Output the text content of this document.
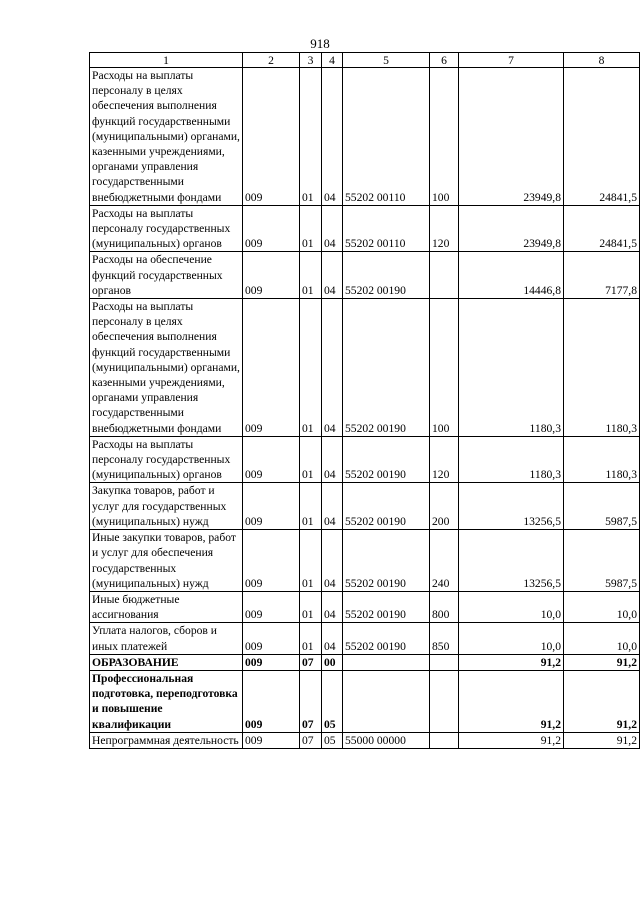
918
1	2	3	4	5	6	7	8
Расходы на выплаты персоналу в целях обеспечения выполнения функций государственными (муниципальными) органами, казенными учреждениями, органами управления государственными внебюджетными фондами	009	01	04	55202 00110	100	23949,8	24841,5
Расходы на выплаты персоналу государственных (муниципальных) органов	009	01	04	55202 00110	120	23949,8	24841,5
Расходы на обеспечение функций государственных органов	009	01	04	55202 00190		14446,8	7177,8
Расходы на выплаты персоналу в целях обеспечения выполнения функций государственными (муниципальными) органами, казенными учреждениями, органами управления государственными внебюджетными фондами	009	01	04	55202 00190	100	1180,3	1180,3
Расходы на выплаты персоналу государственных (муниципальных) органов	009	01	04	55202 00190	120	1180,3	1180,3
Закупка товаров, работ и услуг для государственных (муниципальных) нужд	009	01	04	55202 00190	200	13256,5	5987,5
Иные закупки товаров, работ и услуг для обеспечения государственных (муниципальных) нужд	009	01	04	55202 00190	240	13256,5	5987,5
Иные бюджетные ассигнования	009	01	04	55202 00190	800	10,0	10,0
Уплата налогов, сборов и иных платежей	009	01	04	55202 00190	850	10,0	10,0
ОБРАЗОВАНИЕ	009	07	00			91,2	91,2
Профессиональная подготовка, переподготовка и повышение квалификации	009	07	05			91,2	91,2
Непрограммная деятельность	009	07	05	55000 00000		91,2	91,2
